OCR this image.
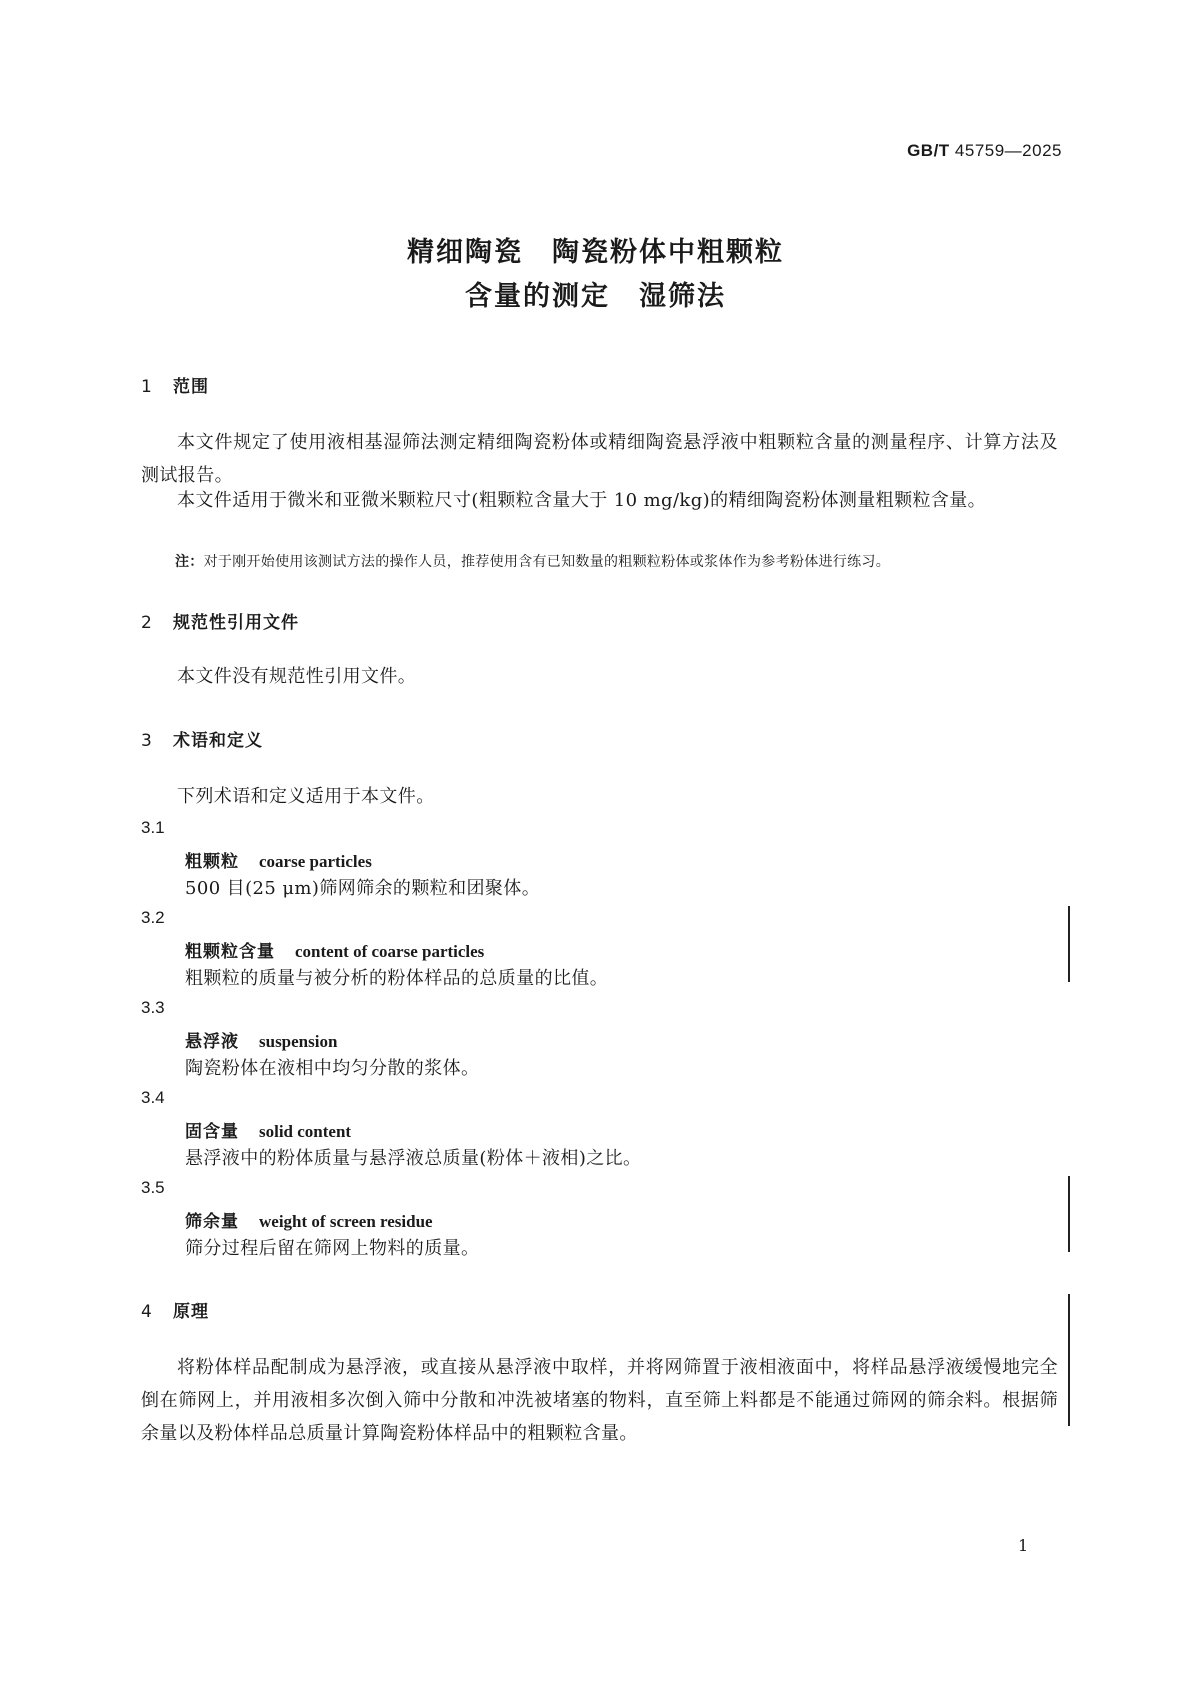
GB/T 45759—2025
精细陶瓷　陶瓷粉体中粗颗粒
含量的测定　湿筛法
1 范围

本文件规定了使用液相基湿筛法测定精细陶瓷粉体或精细陶瓷悬浮液中粗颗粒含量的测量程序、计算方法及测试报告。

本文件适用于微米和亚微米颗粒尺寸(粗颗粒含量大于 10 mg/kg)的精细陶瓷粉体测量粗颗粒含量。

注：对于刚开始使用该测试方法的操作人员，推荐使用含有已知数量的粗颗粒粉体或浆体作为参考粉体进行练习。
2 规范性引用文件

本文件没有规范性引用文件。

3 术语和定义

下列术语和定义适用于本文件。

3.1
粗颗粒 coarse particles
500 目(25 μm)筛网筛余的颗粒和团聚体。
3.2
粗颗粒含量 content of coarse particles
粗颗粒的质量与被分析的粉体样品的总质量的比值。
3.3
悬浮液 suspension
陶瓷粉体在液相中均匀分散的浆体。
3.4
固含量 solid content
悬浮液中的粉体质量与悬浮液总质量(粉体＋液相)之比。
3.5
筛余量 weight of screen residue
筛分过程后留在筛网上物料的质量。
4 原理

将粉体样品配制成为悬浮液，或直接从悬浮液中取样，并将网筛置于液相液面中，将样品悬浮液缓慢地完全倒在筛网上，并用液相多次倒入筛中分散和冲洗被堵塞的物料，直至筛上料都是不能通过筛网的筛余料。根据筛余量以及粉体样品总质量计算陶瓷粉体样品中的粗颗粒含量。

1
